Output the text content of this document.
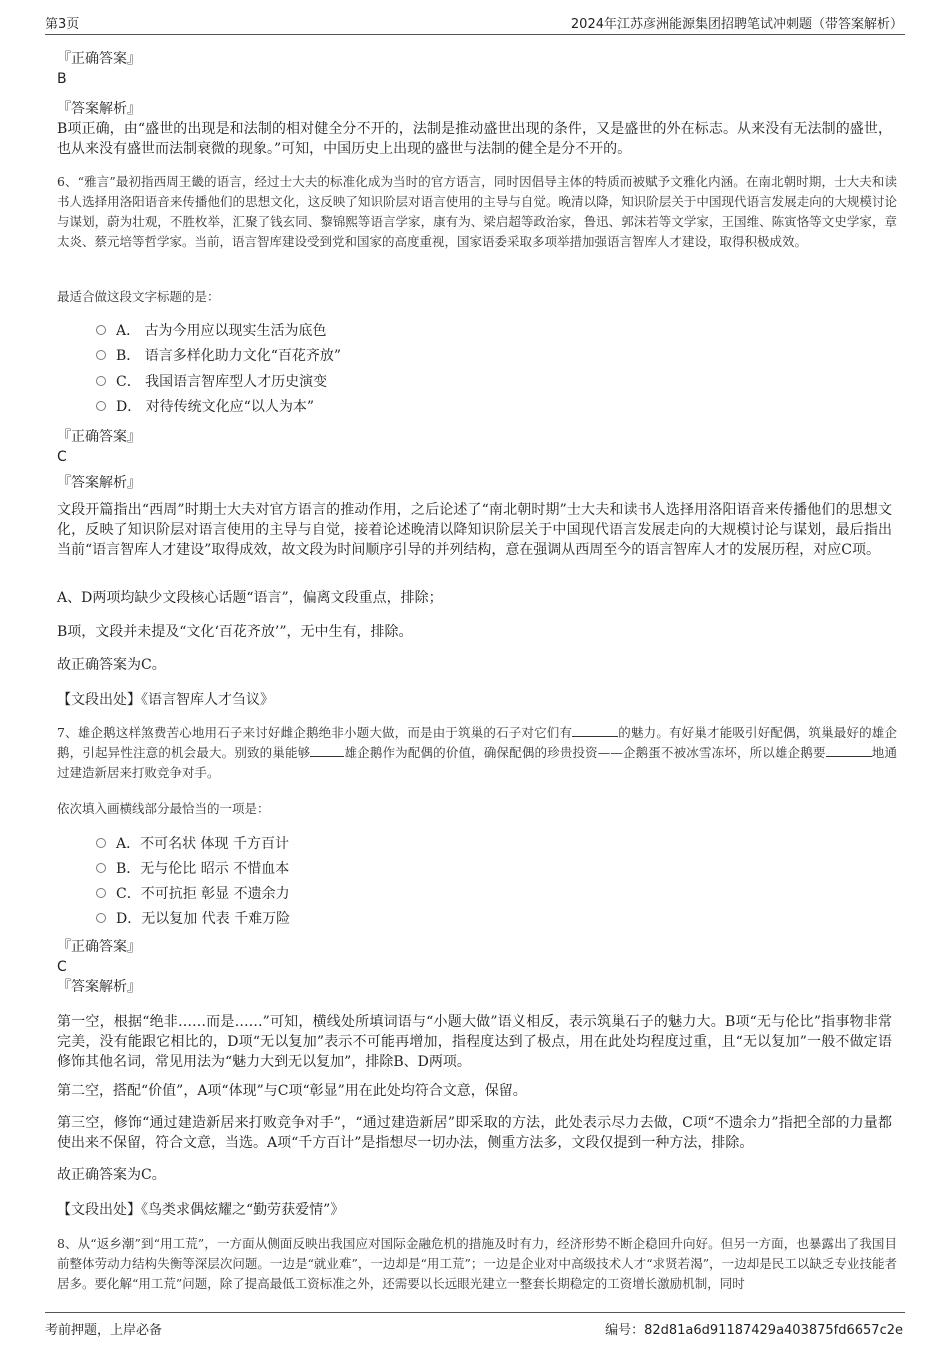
第3页	2024年江苏彦洲能源集团招聘笔试冲刺题（带答案解析）
『正确答案』
B
『答案解析』

B项正确，由“盛世的出现是和法制的相对健全分不开的，法制是推动盛世出现的条件，又是盛世的外在标志。从来没有无法制的盛世，也从来没有盛世而法制衰微的现象。”可知，中国历史上出现的盛世与法制的健全是分不开的。

6、“雅言”最初指西周王畿的语言，经过士大夫的标准化成为当时的官方语言，同时因倡导主体的特质而被赋予文雅化内涵。在南北朝时期，士大夫和读书人选择用洛阳语音来传播他们的思想文化，这反映了知识阶层对语言使用的主导与自觉。晚清以降，知识阶层关于中国现代语言发展走向的大规模讨论与谋划，蔚为壮观，不胜枚举，汇聚了钱玄同、黎锦熙等语言学家，康有为、梁启超等政治家，鲁迅、郭沫若等文学家，王国维、陈寅恪等文史学家，章太炎、蔡元培等哲学家。当前，语言智库建设受到党和国家的高度重视，国家语委采取多项举措加强语言智库人才建设，取得积极成效。

最适合做这段文字标题的是：
A． 古为今用应以现实生活为底色
B． 语言多样化助力文化“百花齐放”
C． 我国语言智库型人才历史演变
D． 对待传统文化应“以人为本”
『正确答案』
C
『答案解析』

文段开篇指出“西周”时期士大夫对官方语言的推动作用，之后论述了“南北朝时期”士大夫和读书人选择用洛阳语音来传播他们的思想文化，反映了知识阶层对语言使用的主导与自觉，接着论述晚清以降知识阶层关于中国现代语言发展走向的大规模讨论与谋划，最后指出当前“语言智库人才建设”取得成效，故文段为时间顺序引导的并列结构，意在强调从西周至今的语言智库人才的发展历程，对应C项。

A、D两项均缺少文段核心话题“语言”，偏离文段重点，排除；

B项，文段并未提及“文化‘百花齐放’”，无中生有，排除。

故正确答案为C。

【文段出处】《语言智库人才刍议》

7、雄企鹅这样煞费苦心地用石子来讨好雌企鹅绝非小题大做，而是由于筑巢的石子对它们有	的魅力。有好巢才能吸引好配偶，筑巢最好的雄企鹅，引起异性注意的机会最大。别致的巢能够	雄企鹅作为配偶的价值，确保配偶的珍贵投资——企鹅蛋不被冰雪冻坏，所以雄企鹅要	地通过建造新居来打败竞争对手。

依次填入画横线部分最恰当的一项是：
A．不可名状 体现 千方百计
B．无与伦比 昭示 不惜血本
C．不可抗拒 彰显 不遗余力
D．无以复加 代表 千难万险
『正确答案』
C
『答案解析』

第一空，根据“绝非……而是……”可知，横线处所填词语与“小题大做”语义相反，表示筑巢石子的魅力大。B项“无与伦比”指事物非常完美，没有能跟它相比的，D项“无以复加”表示不可能再增加，指程度达到了极点，用在此处均程度过重，且“无以复加”一般不做定语修饰其他名词，常见用法为“魅力大到无以复加”，排除B、D两项。

第二空，搭配“价值”，A项“体现”与C项“彰显”用在此处均符合文意，保留。

第三空，修饰“通过建造新居来打败竞争对手”，“通过建造新居”即采取的方法，此处表示尽力去做，C项“不遗余力”指把全部的力量都使出来不保留，符合文意，当选。A项“千方百计”是指想尽一切办法，侧重方法多，文段仅提到一种方法，排除。

故正确答案为C。

【文段出处】《鸟类求偶炫耀之“勤劳获爱情”》

8、从“返乡潮”到“用工荒”，一方面从侧面反映出我国应对国际金融危机的措施及时有力，经济形势不断企稳回升向好。但另一方面，也暴露出了我国目前整体劳动力结构失衡等深层次问题。一边是“就业难”，一边却是“用工荒”；一边是企业对中高级技术人才“求贤若渴”，一边却是民工以缺乏专业技能者居多。要化解“用工荒”问题，除了提高最低工资标准之外，还需要以长远眼光建立一整套长期稳定的工资增长激励机制，同时

考前押题，上岸必备	编号：82d81a6d91187429a403875fd6657c2e
